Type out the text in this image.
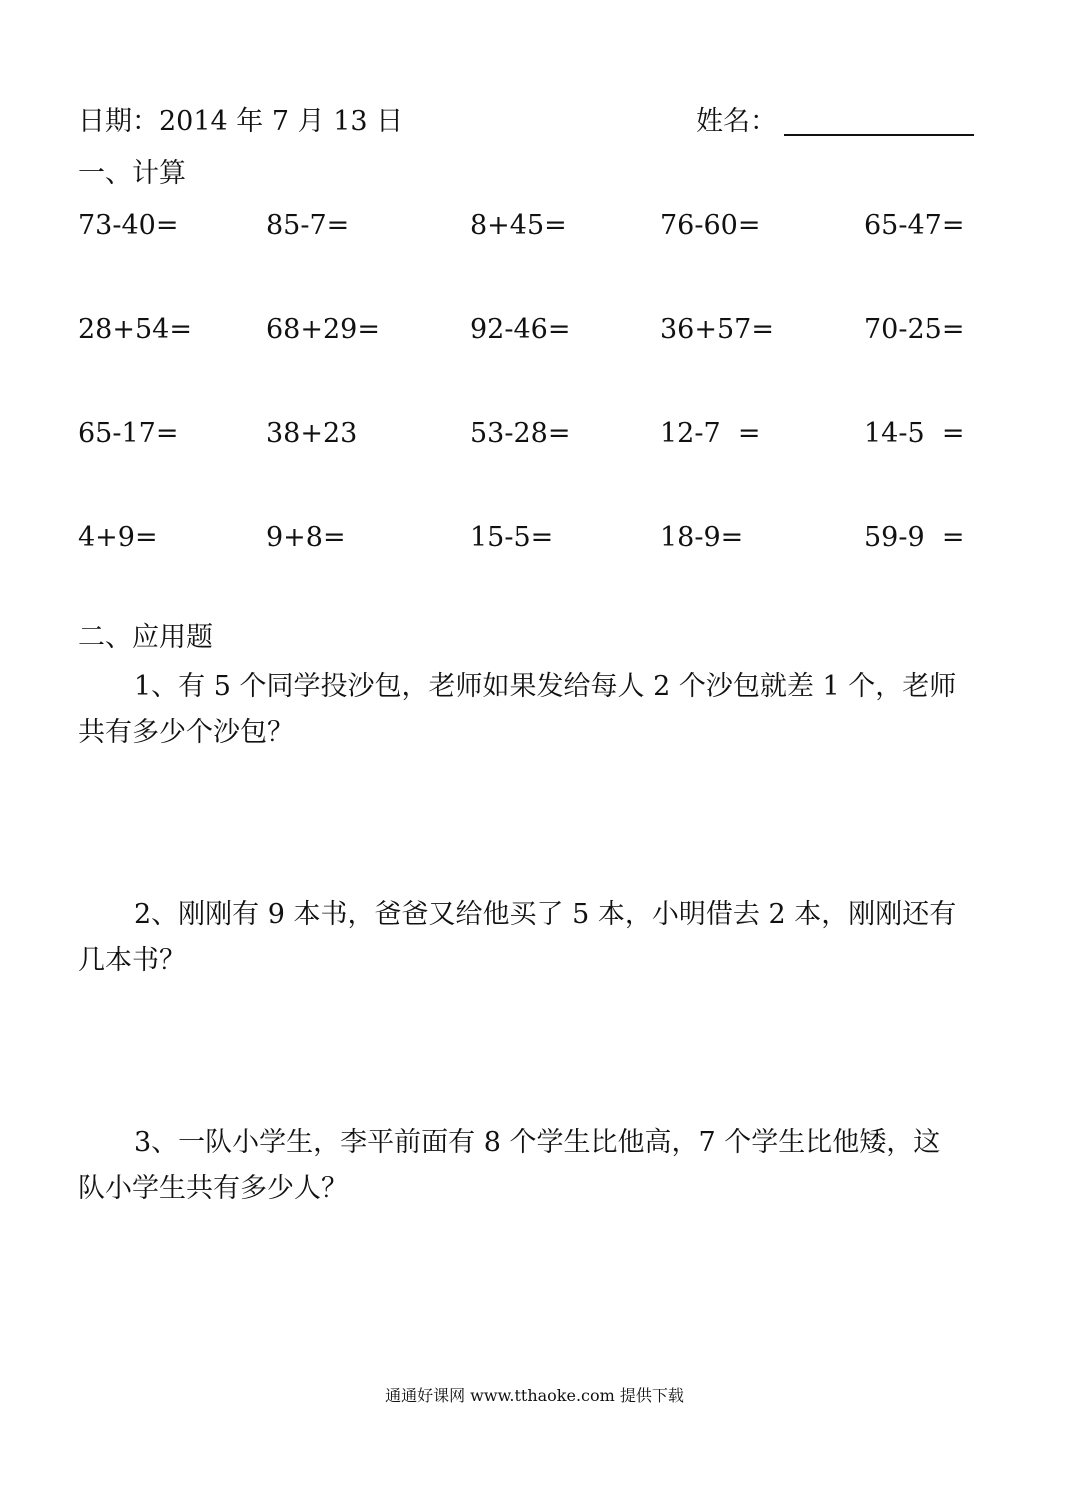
日期：2014 年 7 月 13 日	姓名：
一、计算
73-40=	85-7=	8+45=	76-60=	65-47=
28+54=	68+29=	92-46=	36+57=	70-25=
65-17=	38+23	53-28=	12-7  =	14-5  =
4+9=	9+8=	15-5=	18-9=	59-9  =
二、应用题
1、有 5 个同学投沙包，老师如果发给每人 2 个沙包就差 1 个，老师
共有多少个沙包？
2、刚刚有 9 本书，爸爸又给他买了 5 本，小明借去 2 本，刚刚还有
几本书？
3、一队小学生，李平前面有 8 个学生比他高，7 个学生比他矮，这
队小学生共有多少人？
通通好课网 www.tthaoke.com 提供下载
